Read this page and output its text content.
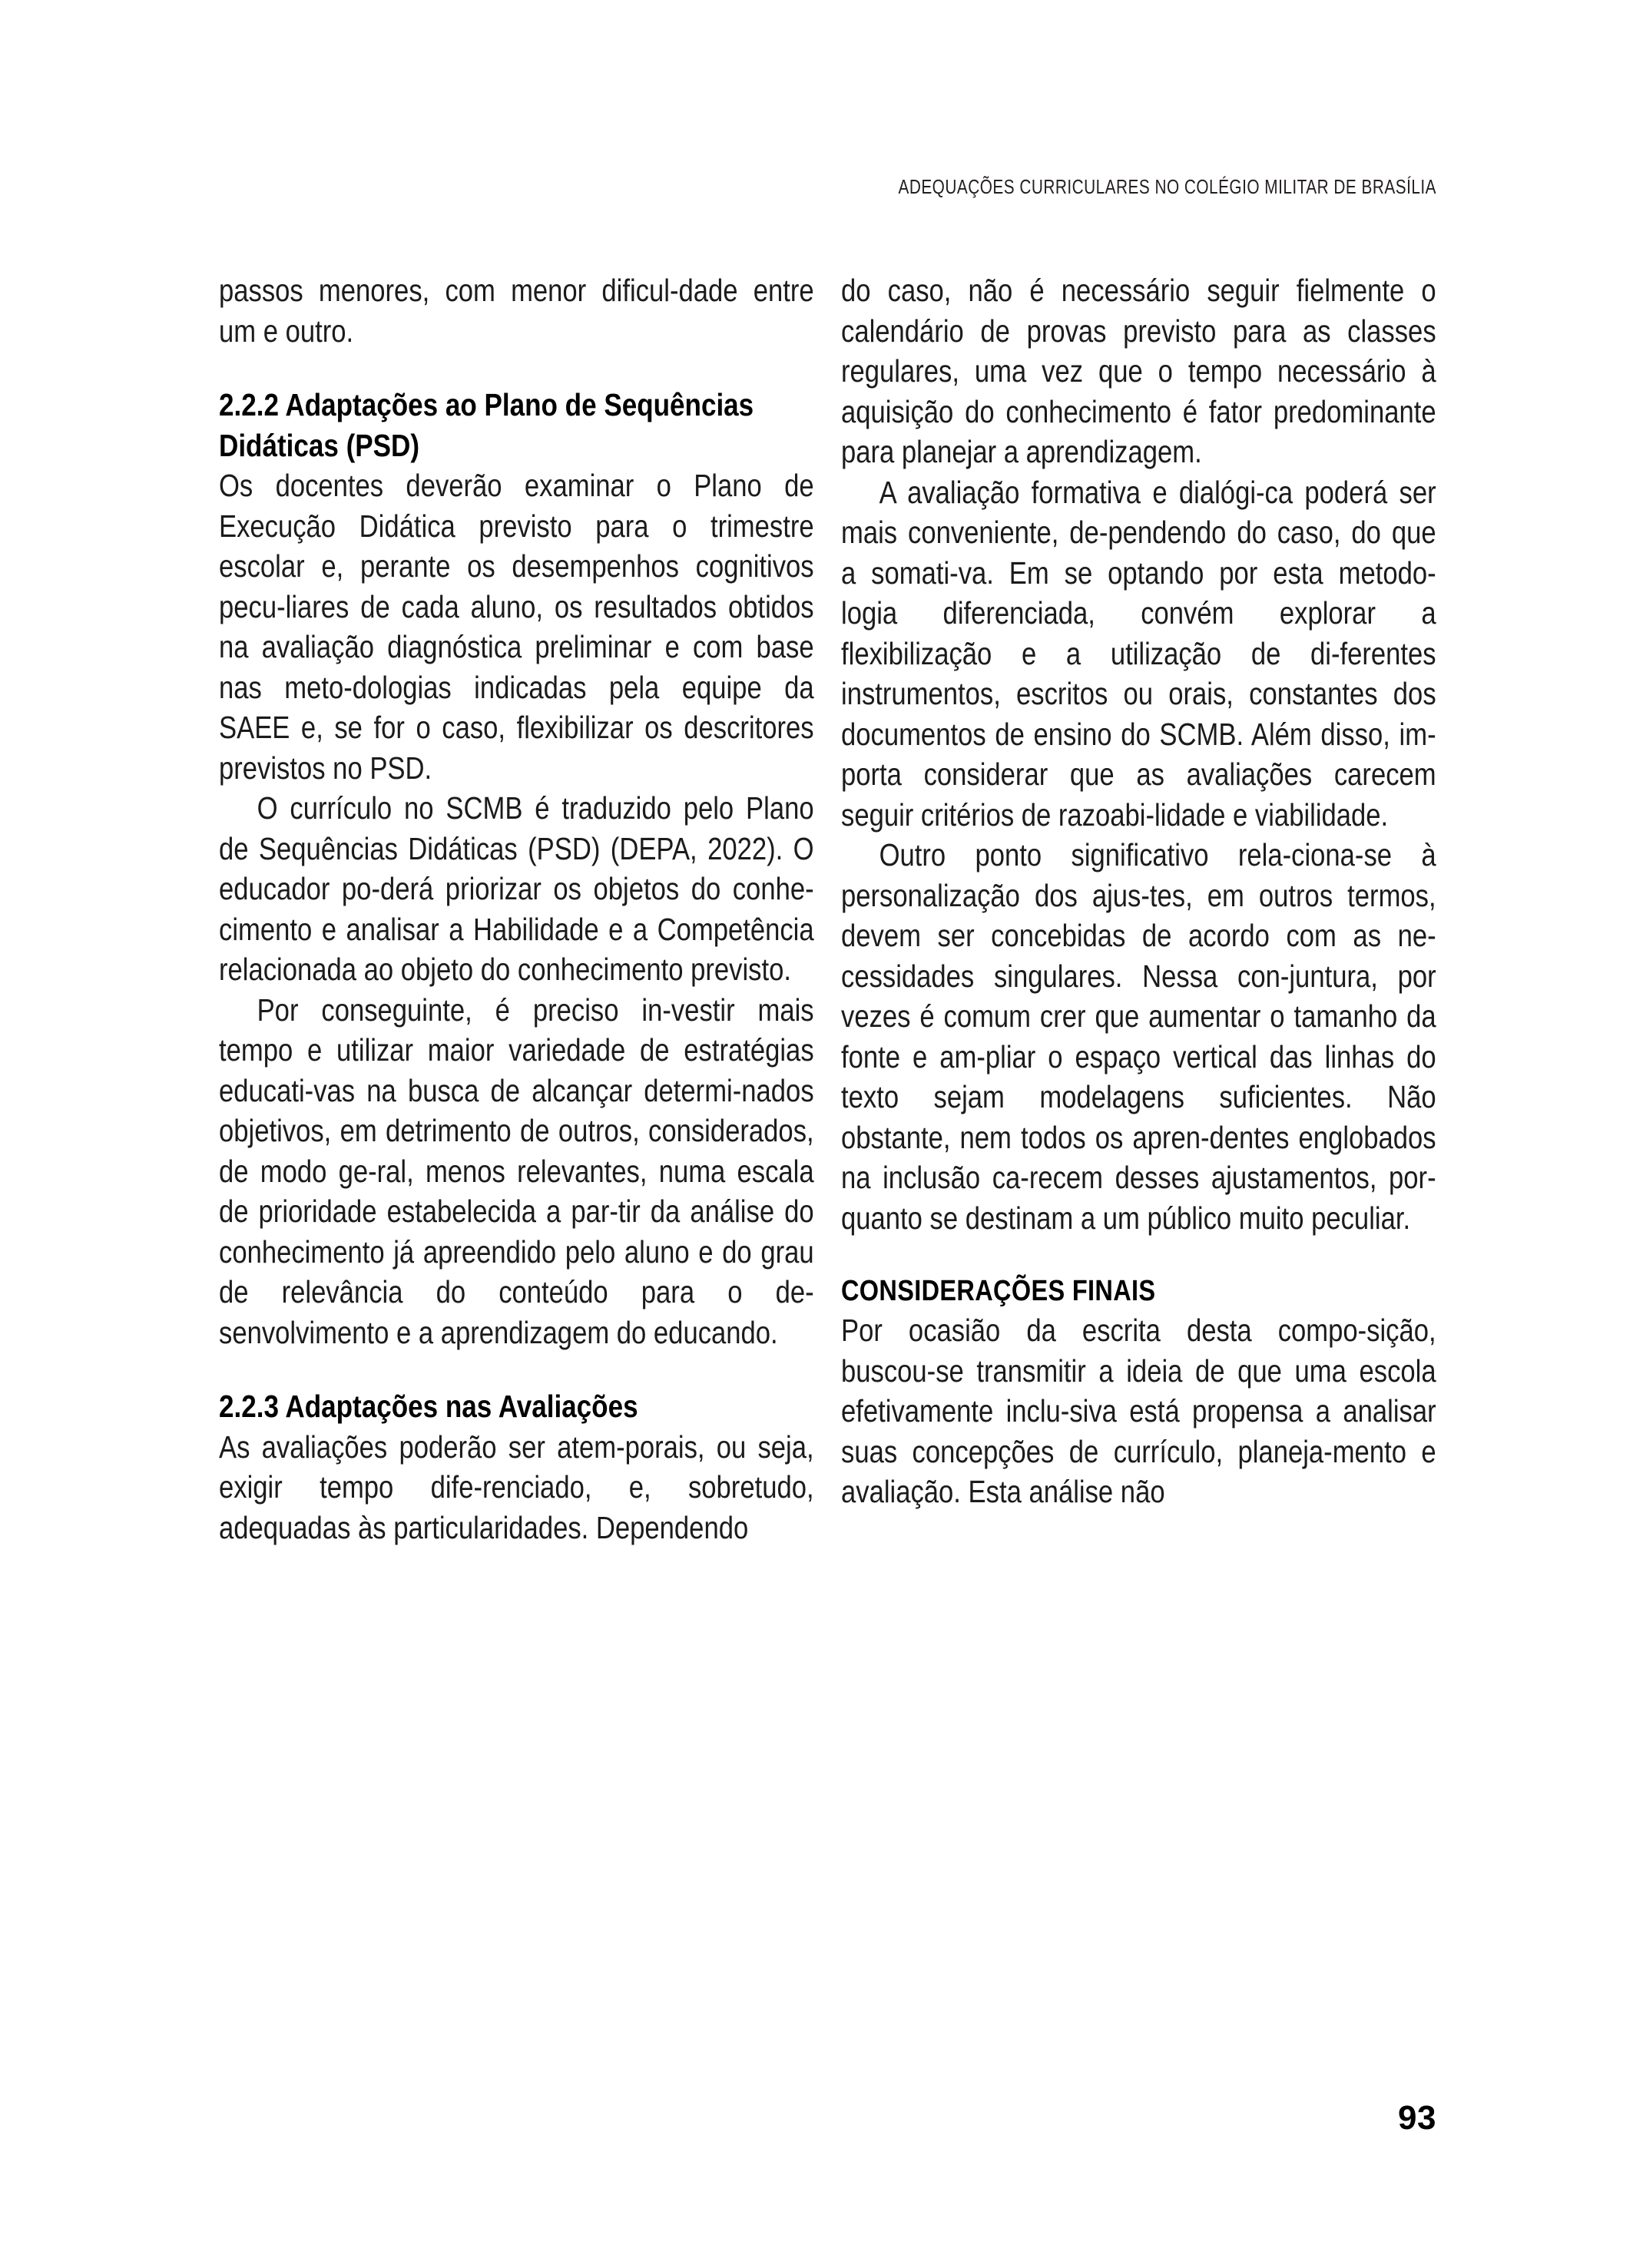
ADEQUAÇÕES CURRICULARES NO COLÉGIO MILITAR DE BRASÍLIA

passos menores, com menor dificul-dade entre um e outro.

2.2.2 Adaptações ao Plano de Sequências Didáticas (PSD)

Os docentes deverão examinar o Plano de Execução Didática previsto para o trimestre escolar e, perante os desempenhos cognitivos pecu-liares de cada aluno, os resultados obtidos na avaliação diagnóstica preliminar e com base nas meto-dologias indicadas pela equipe da SAEE e, se for o caso, flexibilizar os descritores previstos no PSD.

O currículo no SCMB é traduzido pelo Plano de Sequências Didáticas (PSD) (DEPA, 2022). O educador po-derá priorizar os objetos do conhe-cimento e analisar a Habilidade e a Competência relacionada ao objeto do conhecimento previsto.

Por conseguinte, é preciso in-vestir mais tempo e utilizar maior variedade de estratégias educati-vas na busca de alcançar determi-nados objetivos, em detrimento de outros, considerados, de modo ge-ral, menos relevantes, numa escala de prioridade estabelecida a par-tir da análise do conhecimento já apreendido pelo aluno e do grau de relevância do conteúdo para o de-senvolvimento e a aprendizagem do educando.

2.2.3 Adaptações nas Avaliações

As avaliações poderão ser atem-porais, ou seja, exigir tempo dife-renciado, e, sobretudo, adequadas às particularidades. Dependendo

do caso, não é necessário seguir fielmente o calendário de provas previsto para as classes regulares, uma vez que o tempo necessário à aquisição do conhecimento é fator predominante para planejar a aprendizagem.

A avaliação formativa e dialógi-ca poderá ser mais conveniente, de-pendendo do caso, do que a somati-va. Em se optando por esta metodo-logia diferenciada, convém explorar a flexibilização e a utilização de di-ferentes instrumentos, escritos ou orais, constantes dos documentos de ensino do SCMB. Além disso, im-porta considerar que as avaliações carecem seguir critérios de razoabi-lidade e viabilidade.

Outro ponto significativo rela-ciona-se à personalização dos ajus-tes, em outros termos, devem ser concebidas de acordo com as ne-cessidades singulares. Nessa con-juntura, por vezes é comum crer que aumentar o tamanho da fonte e am-pliar o espaço vertical das linhas do texto sejam modelagens suficientes. Não obstante, nem todos os apren-dentes englobados na inclusão ca-recem desses ajustamentos, por-quanto se destinam a um público muito peculiar.

CONSIDERAÇÕES FINAIS

Por ocasião da escrita desta compo-sição, buscou-se transmitir a ideia de que uma escola efetivamente inclu-siva está propensa a analisar suas concepções de currículo, planeja-mento e avaliação. Esta análise não

93
